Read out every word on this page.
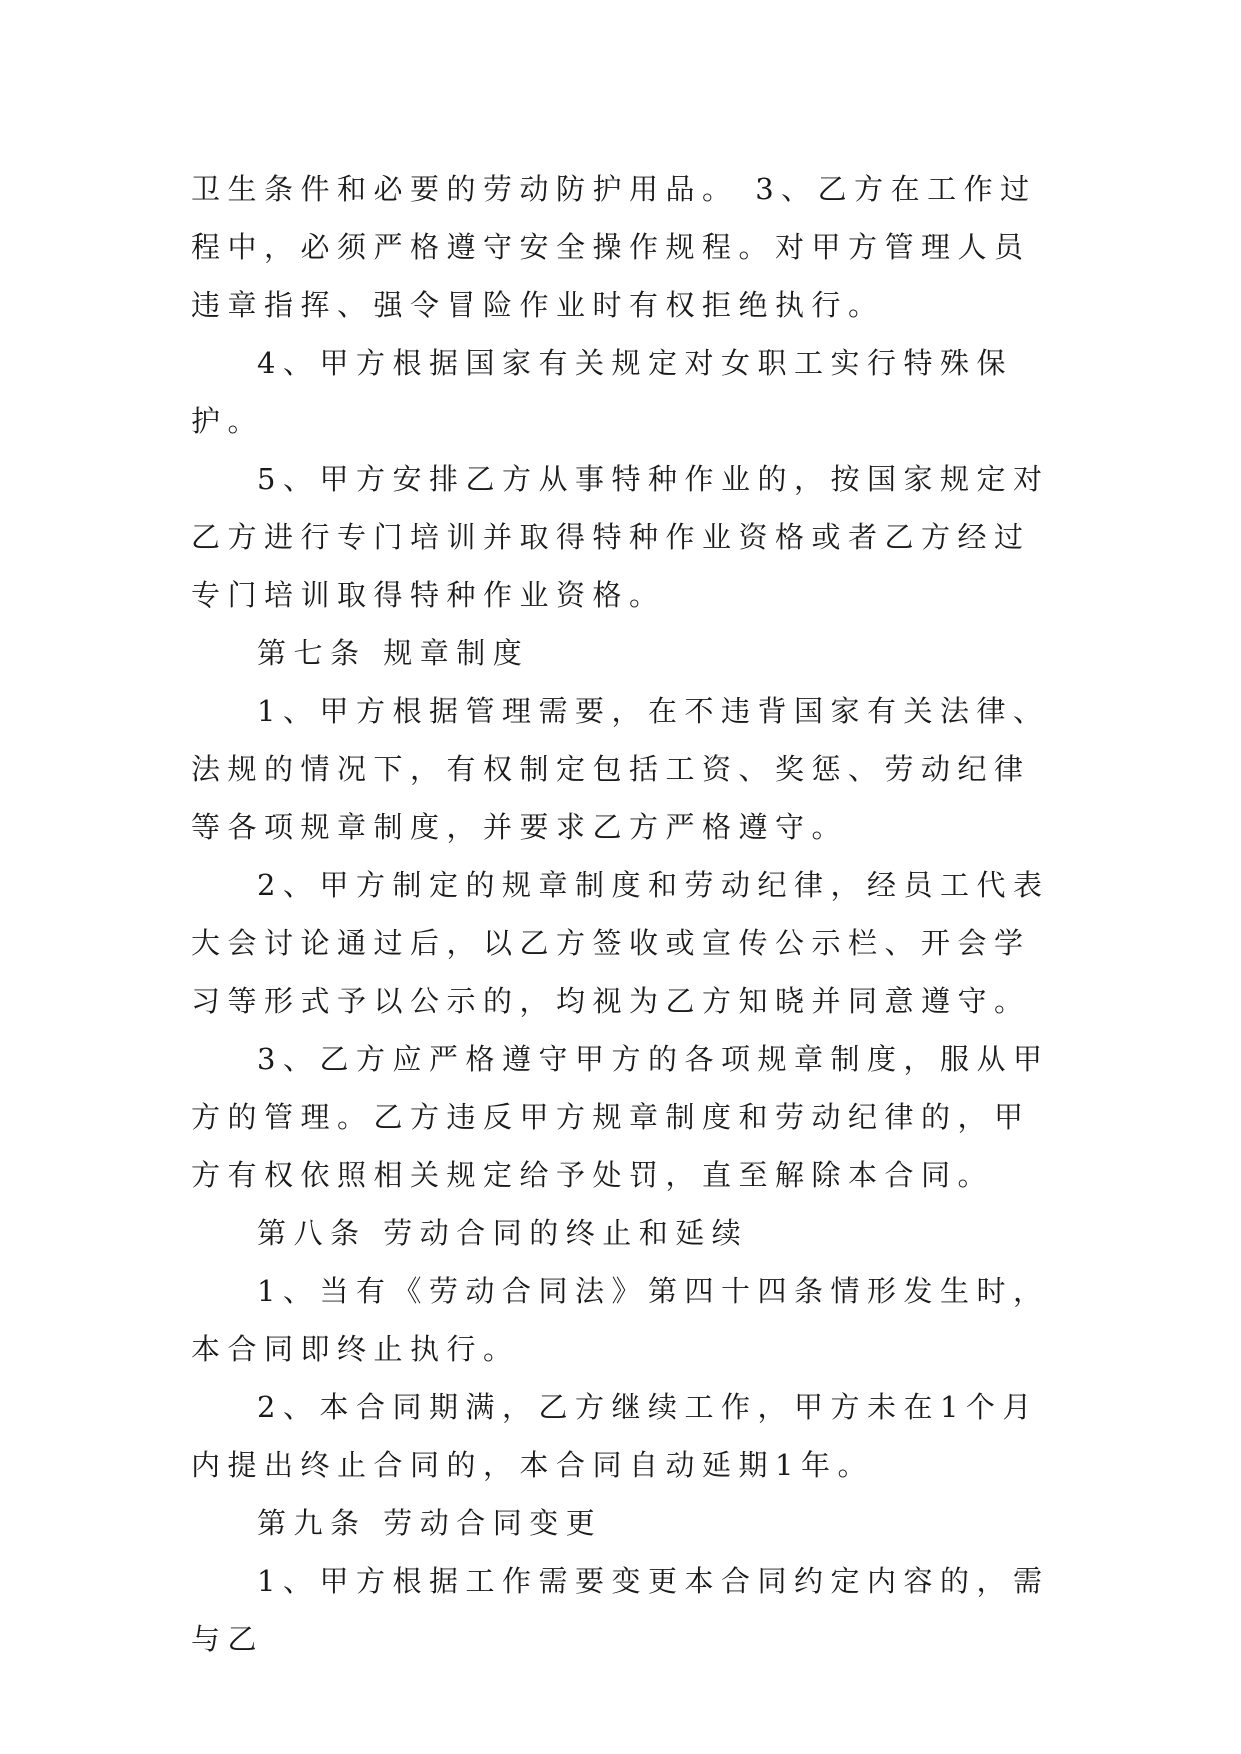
卫生条件和必要的劳动防护用品。 3、乙方在工作过程中，必须严格遵守安全操作规程。对甲方管理人员违章指挥、强令冒险作业时有权拒绝执行。

4、甲方根据国家有关规定对女职工实行特殊保护。

5、甲方安排乙方从事特种作业的，按国家规定对乙方进行专门培训并取得特种作业资格或者乙方经过专门培训取得特种作业资格。

第七条 规章制度

1、甲方根据管理需要，在不违背国家有关法律、法规的情况下，有权制定包括工资、奖惩、劳动纪律等各项规章制度，并要求乙方严格遵守。

2、甲方制定的规章制度和劳动纪律，经员工代表大会讨论通过后，以乙方签收或宣传公示栏、开会学习等形式予以公示的，均视为乙方知晓并同意遵守。

3、乙方应严格遵守甲方的各项规章制度，服从甲方的管理。乙方违反甲方规章制度和劳动纪律的，甲方有权依照相关规定给予处罚，直至解除本合同。

第八条 劳动合同的终止和延续

1、当有《劳动合同法》第四十四条情形发生时，本合同即终止执行。

2、本合同期满，乙方继续工作，甲方未在1个月内提出终止合同的，本合同自动延期1年。

第九条 劳动合同变更

1、甲方根据工作需要变更本合同约定内容的，需与乙
